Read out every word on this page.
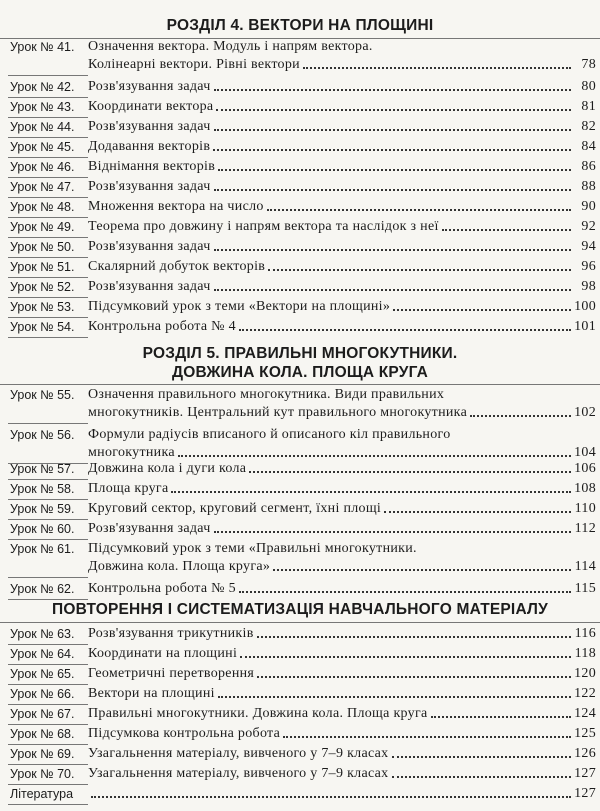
РОЗДІЛ 4. ВЕКТОРИ НА ПЛОЩИНІ
Урок № 41. Означення вектора. Модуль і напрям вектора.
Колінеарні вектори. Рівні вектори	78
Урок № 42. Розв'язування задач	80
Урок № 43. Координати вектора	81
Урок № 44. Розв'язування задач	82
Урок № 45. Додавання векторів	84
Урок № 46. Віднімання векторів	86
Урок № 47. Розв'язування задач	88
Урок № 48. Множення вектора на число	90
Урок № 49. Теорема про довжину і напрям вектора та наслідок з неї	92
Урок № 50. Розв'язування задач	94
Урок № 51. Скалярний добуток векторів	96
Урок № 52. Розв'язування задач	98
Урок № 53. Підсумковий урок з теми «Вектори на площині»	100
Урок № 54. Контрольна робота № 4	101
РОЗДІЛ 5. ПРАВИЛЬНІ МНОГОКУТНИКИ.
ДОВЖИНА КОЛА. ПЛОЩА КРУГА
Урок № 55. Означення правильного многокутника. Види правильних
многокутників. Центральний кут правильного многокутника	102
Урок № 56. Формули радіусів вписаного й описаного кіл правильного
многокутника	104
Урок № 57. Довжина кола і дуги кола	106
Урок № 58. Площа круга	108
Урок № 59. Круговий сектор, круговий сегмент, їхні площі	110
Урок № 60. Розв'язування задач	112
Урок № 61. Підсумковий урок з теми «Правильні многокутники.
Довжина кола. Площа круга»	114
Урок № 62. Контрольна робота № 5	115
ПОВТОРЕННЯ І СИСТЕМАТИЗАЦІЯ НАВЧАЛЬНОГО МАТЕРІАЛУ
Урок № 63. Розв'язування трикутників	116
Урок № 64. Координати на площині	118
Урок № 65. Геометричні перетворення	120
Урок № 66. Вектори на площині	122
Урок № 67. Правильні многокутники. Довжина кола. Площа круга	124
Урок № 68. Підсумкова контрольна робота	125
Урок № 69. Узагальнення матеріалу, вивченого у 7–9 класах	126
Урок № 70. Узагальнення матеріалу, вивченого у 7–9 класах	127
Література	127
